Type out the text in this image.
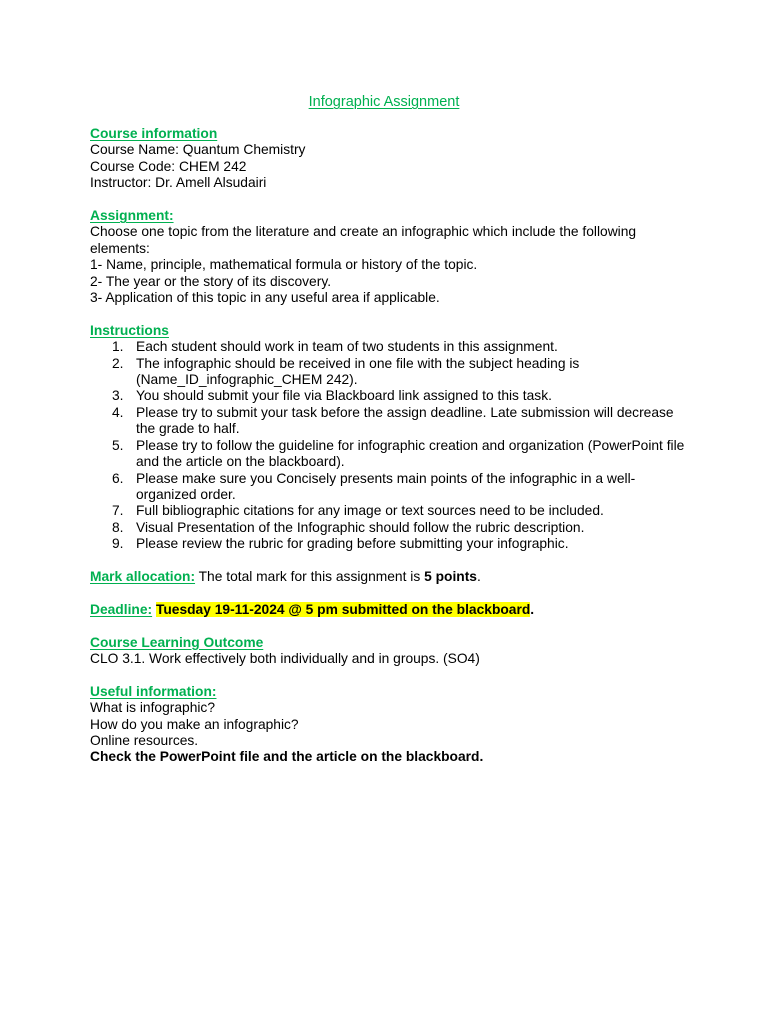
Infographic Assignment
Course information
Course Name: Quantum Chemistry
Course Code: CHEM 242
Instructor: Dr. Amell Alsudairi
Assignment:
Choose one topic from the literature and create an infographic which include the following elements:
1- Name, principle, mathematical formula or history of the topic.
2- The year or the story of its discovery.
3- Application of this topic in any useful area if applicable.
Instructions
1. Each student should work in team of two students in this assignment.
2. The infographic should be received in one file with the subject heading is (Name_ID_infographic_CHEM 242).
3. You should submit your file via Blackboard link assigned to this task.
4. Please try to submit your task before the assign deadline. Late submission will decrease the grade to half.
5. Please try to follow the guideline for infographic creation and organization (PowerPoint file and the article on the blackboard).
6. Please make sure you Concisely presents main points of the infographic in a well-organized order.
7. Full bibliographic citations for any image or text sources need to be included.
8. Visual Presentation of the Infographic should follow the rubric description.
9. Please review the rubric for grading before submitting your infographic.
Mark allocation: The total mark for this assignment is 5 points.
Deadline: Tuesday 19-11-2024 @ 5 pm submitted on the blackboard.
Course Learning Outcome
CLO 3.1. Work effectively both individually and in groups. (SO4)
Useful information:
What is infographic?
How do you make an infographic?
Online resources.
Check the PowerPoint file and the article on the blackboard.
